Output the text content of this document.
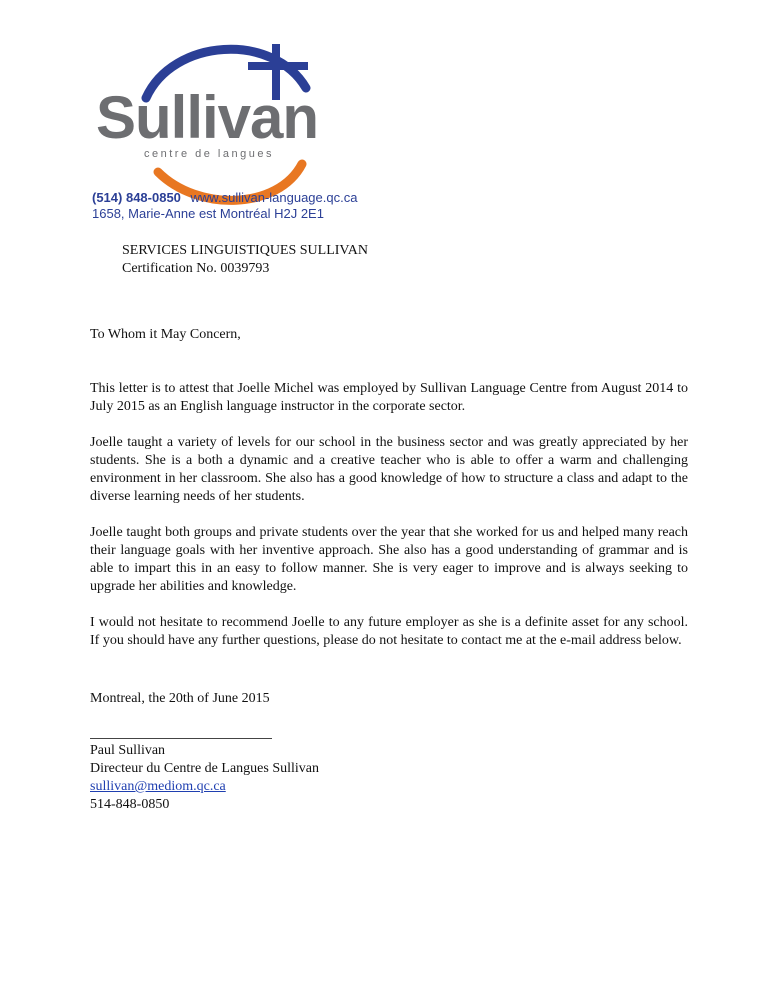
Sullivan
centre de langues
(514) 848-0850 www.sullivan-language.qc.ca
1658, Marie-Anne est Montréal H2J 2E1
SERVICES LINGUISTIQUES SULLIVAN
Certification No. 0039793

To Whom it May Concern,

This letter is to attest that Joelle Michel was employed by Sullivan Language Centre from August 2014 to July 2015 as an English language instructor in the corporate sector.

Joelle taught a variety of levels for our school in the business sector and was greatly appreciated by her students. She is a both a dynamic and a creative teacher who is able to offer a warm and challenging environment in her classroom. She also has a good knowledge of how to structure a class and adapt to the diverse learning needs of her students.

Joelle taught both groups and private students over the year that she worked for us and helped many reach their language goals with her inventive approach. She also has a good understanding of grammar and is able to impart this in an easy to follow manner. She is very eager to improve and is always seeking to upgrade her abilities and knowledge.

I would not hesitate to recommend Joelle to any future employer as she is a definite asset for any school. If you should have any further questions, please do not hesitate to contact me at the e-mail address below.

Montreal, the 20th of June 2015
Paul Sullivan
Directeur du Centre de Langues Sullivan
sullivan@mediom.qc.ca
514-848-0850
